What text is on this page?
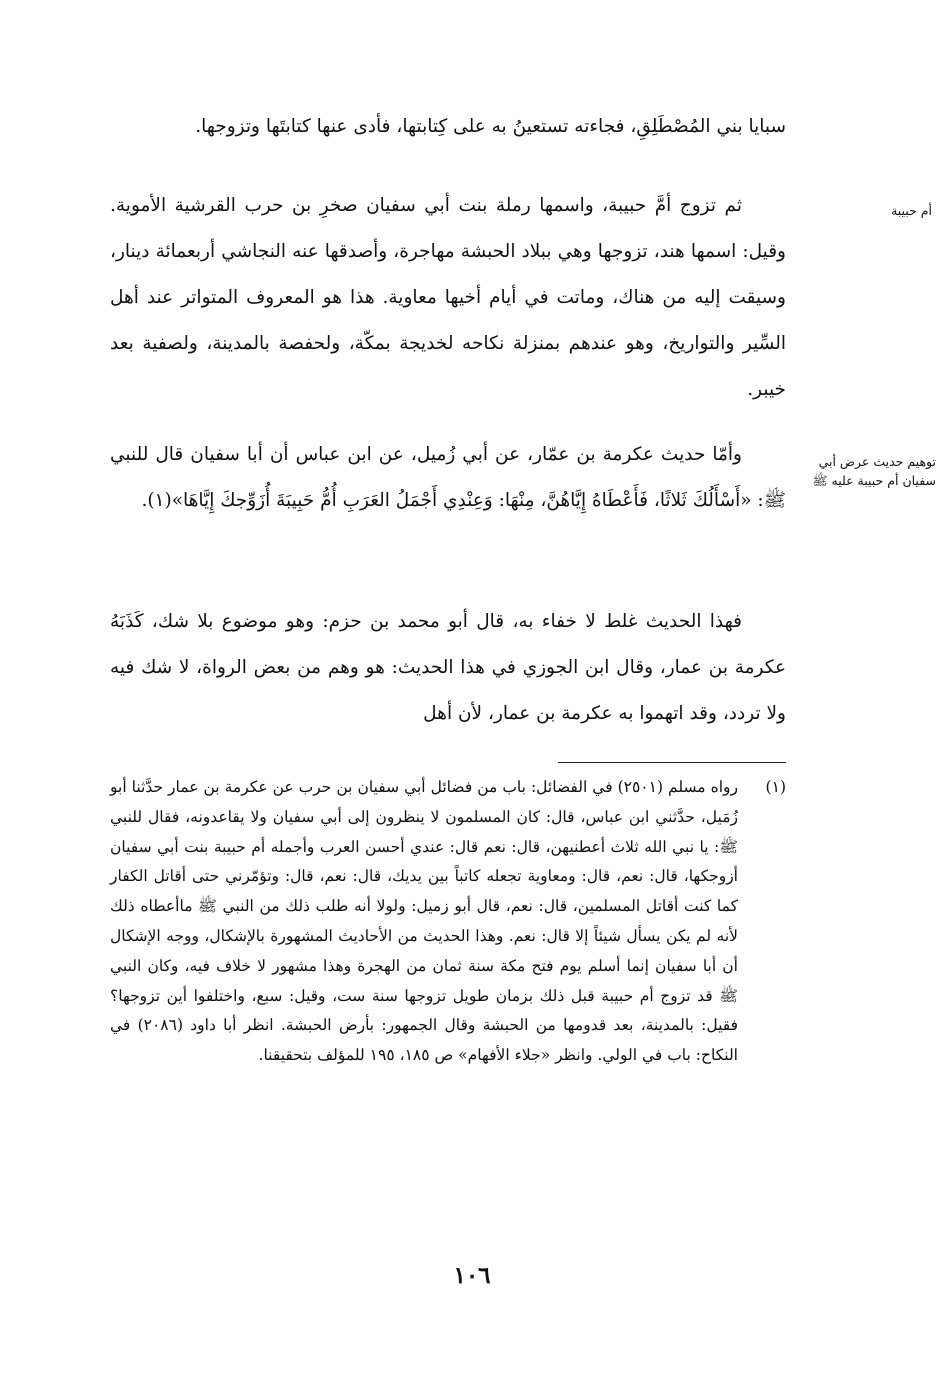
سبايا بني المُصْطَلِقِ، فجاءته تستعينُ به على كِتابتها، فأدى عنها كتابتَها وتزوجها.

أم حبيبة

ثم تزوج أمَّ حبيبة، واسمها رملة بنت أبي سفيان صخرِ بن حرب القرشية الأموية. وقيل: اسمها هند، تزوجها وهي ببلاد الحبشة مهاجرة، وأصدقها عنه النجاشي أربعمائة دينار، وسيقت إليه من هناك، وماتت في أيام أخيها معاوية. هذا هو المعروف المتواتر عند أهل السِّير والتواريخ، وهو عندهم بمنزلة نكاحه لخديجة بمكّة، ولحفصة بالمدينة، ولصفية بعد خيبر.

توهيم حديث عرض أبي سفيان أم حبيبة عليه ﷺ

وأمّا حديث عكرمة بن عمّار، عن أبي زُميل، عن ابن عباس أن أبا سفيان قال للنبي ﷺ: «أَسْأَلُكَ ثَلاثًا، فَأَعْطَاهُ إِيَّاهُنَّ، مِنْهَا: وَعِنْدِي أَجْمَلُ العَرَبِ أُمُّ حَبِيبَةَ أُزَوِّجكَ إِيَّاهَا»(١).

فهذا الحديث غلط لا خفاء به، قال أبو محمد بن حزم: وهو موضوع بلا شك، كَذَبَهُ عكرمة بن عمار، وقال ابن الجوزي في هذا الحديث: هو وهم من بعض الرواة، لا شك فيه ولا تردد، وقد اتهموا به عكرمة بن عمار، لأن أهل

(١)
رواه مسلم (٢٥٠١) في الفضائل: باب من فضائل أبي سفيان بن حرب عن عكرمة بن عمار حدَّثنا أبو زُمَيل، حدَّثني ابن عباس، قال: كان المسلمون لا ينظرون إلى أبي سفيان ولا يقاعدونه، فقال للنبي ﷺ: يا نبي الله ثلاث أعطنيهن، قال: نعم قال: عندي أحسن العرب وأجمله أم حبيبة بنت أبي سفيان أزوجكها، قال: نعم، قال: ومعاوية تجعله كاتباً بين يديك، قال: نعم، قال: وتؤمّرني حتى أقاتل الكفار كما كنت أقاتل المسلمين، قال: نعم، قال أبو زميل: ولولا أنه طلب ذلك من النبي ﷺ ماأعطاه ذلك لأنه لم يكن يسأل شيئاً إلا قال: نعم. وهذا الحديث من الأحاديث المشهورة بالإشكال، ووجه الإشكال أن أبا سفيان إنما أسلم يوم فتح مكة سنة ثمان من الهجرة وهذا مشهور لا خلاف فيه، وكان النبي ﷺ قد تزوج أم حبيبة قبل ذلك بزمان طويل تزوجها سنة ست، وقيل: سبع، واختلفوا أين تزوجها؟ فقيل: بالمدينة، بعد قدومها من الحبشة وقال الجمهور: بأرض الحبشة. انظر أبا داود (٢٠٨٦) في النكاح: باب في الولي. وانظر «جلاء الأفهام» ص ١٨٥، ١٩٥ للمؤلف بتحقيقنا.
١٠٦
